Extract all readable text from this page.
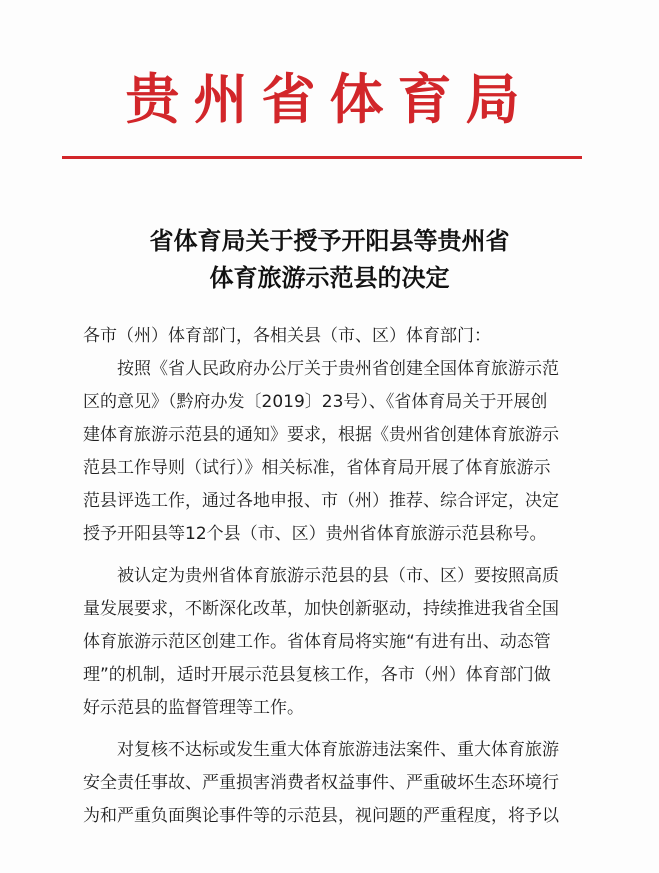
贵州省体育局
省体育局关于授予开阳县等贵州省
体育旅游示范县的决定
各市（州）体育部门，各相关县（市、区）体育部门：
按照《省人民政府办公厅关于贵州省创建全国体育旅游示范
区的意见》（黔府办发〔2019〕23号）、《省体育局关于开展创
建体育旅游示范县的通知》要求，根据《贵州省创建体育旅游示
范县工作导则（试行）》相关标准，省体育局开展了体育旅游示
范县评选工作，通过各地申报、市（州）推荐、综合评定，决定
授予开阳县等12个县（市、区）贵州省体育旅游示范县称号。
被认定为贵州省体育旅游示范县的县（市、区）要按照高质
量发展要求，不断深化改革，加快创新驱动，持续推进我省全国
体育旅游示范区创建工作。省体育局将实施“有进有出、动态管
理”的机制，适时开展示范县复核工作，各市（州）体育部门做
好示范县的监督管理等工作。
对复核不达标或发生重大体育旅游违法案件、重大体育旅游
安全责任事故、严重损害消费者权益事件、严重破坏生态环境行
为和严重负面舆论事件等的示范县，视问题的严重程度，将予以
